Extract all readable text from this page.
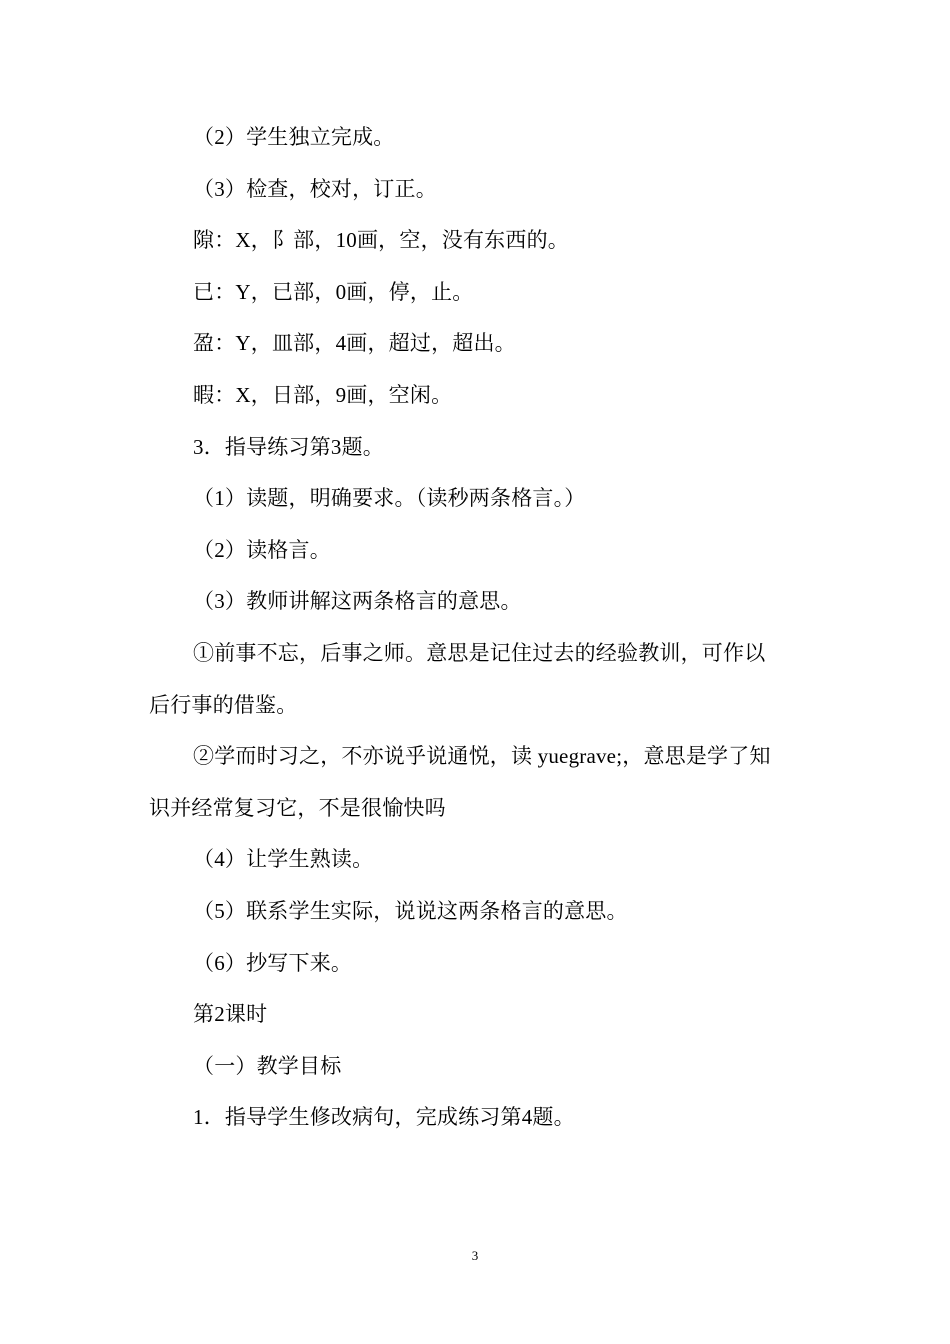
（2）学生独立完成。

（3）检查，校对，订正。

隙：X，阝部，10画，空，没有东西的。

已：Y，已部，0画，停，止。

盈：Y，皿部，4画，超过，超出。

暇：X，日部，9画，空闲。

3．指导练习第3题。

（1）读题，明确要求。（读秒两条格言。）

（2）读格言。

（3）教师讲解这两条格言的意思。

①前事不忘，后事之师。意思是记住过去的经验教训，可作以

后行事的借鉴。

②学而时习之，不亦说乎说通悦，读 yuegrave;，意思是学了知

识并经常复习它，不是很愉快吗

（4）让学生熟读。

（5）联系学生实际，说说这两条格言的意思。

（6）抄写下来。

第2课时

（一）教学目标

1．指导学生修改病句，完成练习第4题。

3
